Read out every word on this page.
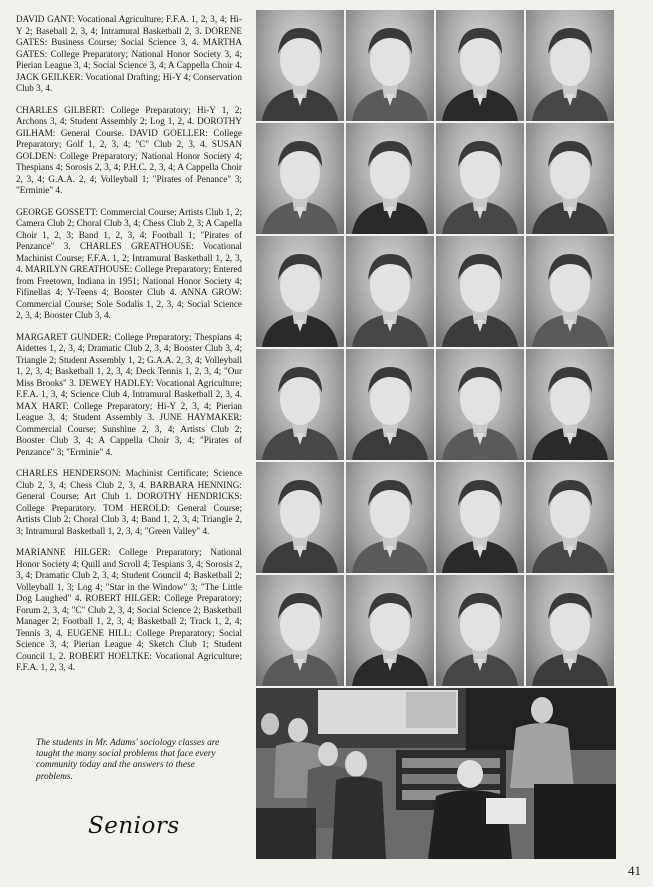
DAVID GANT: Vocational Agriculture; F.F.A. 1, 2, 3, 4; Hi-Y 2; Baseball 2, 3, 4; Intramural Basketball 2, 3. DORENE GATES: Business Course; Social Science 3, 4. MARTHA GATES: College Preparatory; National Honor Society 3, 4; Pierian League 3, 4; Social Science 3, 4; A Cappella Choir 4. JACK GEILKER: Vocational Drafting; Hi-Y 4; Conservation Club 3, 4.

CHARLES GILBERT: College Preparatory; Hi-Y 1, 2; Archons 3, 4; Student Assembly 2; Log 1, 2, 4. DOROTHY GILHAM: General Course. DAVID GOELLER: College Preparatory; Golf 1, 2, 3, 4; "C" Club 2, 3, 4. SUSAN GOLDEN: College Preparatory; National Honor Society 4; Thespians 4; Sorosis 2, 3, 4; P.H.C. 2, 3, 4; A Cappella Choir 2, 3, 4; G.A.A. 2, 4; Volleyball 1; "Pirates of Penance" 3; "Erminie" 4.

GEORGE GOSSETT: Commercial Course; Artists Club 1, 2; Camera Club 2; Choral Club 3, 4; Chess Club 2, 3; A Capella Choir 1, 2, 3; Band 1, 2, 3, 4; Football 1; "Pirates of Penzance" 3. CHARLES GREATHOUSE: Vocational Machinist Course; F.F.A. 1, 2; Intramural Basketball 1, 2, 3, 4. MARILYN GREATHOUSE: College Preparatory; Entered from Freetown, Indiana in 1951; National Honor Society 4; Fifinellas 4; Y-Teens 4; Booster Club 4. ANNA GROW: Commercial Course; Sole Sodalis 1, 2, 3, 4; Social Science 2, 3, 4; Booster Club 3, 4.

MARGARET GUNDER: College Preparatory; Thespians 4; Aidettes 1, 2, 3, 4; Dramatic Club 2, 3, 4; Booster Club 3, 4; Triangle 2; Student Assembly 1, 2; G.A.A. 2, 3, 4; Volleyball 1, 2, 3, 4; Basketball 1, 2, 3, 4; Deck Tennis 1, 2, 3, 4; "Our Miss Brooks" 3. DEWEY HADLEY: Vocational Agriculture; F.F.A. 1, 3, 4; Science Club 4, Intramural Basketball 2, 3, 4. MAX HART: College Preparatory; Hi-Y 2, 3, 4; Pierian League 3, 4; Student Assembly 3. JUNE HAYMAKER: Commercial Course; Sunshine 2, 3, 4; Artists Club 2; Booster Club 3, 4; A Cappella Choir 3, 4; "Pirates of Penzance" 3; "Erminie" 4.

CHARLES HENDERSON: Machinist Certificate; Science Club 2, 3, 4; Chess Club 2, 3, 4. BARBARA HENNING: General Course; Art Club 1. DOROTHY HENDRICKS: College Preparatory. TOM HEROLD: General Course; Artists Club 2; Choral Club 3, 4; Band 1, 2, 3, 4; Triangle 2, 3; Intramural Basketball 1, 2, 3, 4; "Green Valley" 4.

MARIANNE HILGER: College Preparatory; National Honor Society 4; Quill and Scroll 4; Tespians 3, 4; Sorosis 2, 3, 4; Dramatic Club 2, 3, 4; Student Council 4; Basketball 2; Volleyball 1, 3; Log 4; "Star in the Window" 3; "The Little Dog Laughed" 4. ROBERT HILGER: College Preparatory; Forum 2, 3, 4; "C" Club 2, 3, 4; Social Science 2; Basketball Manager 2; Football 1, 2, 3, 4; Basketball 2; Track 1, 2, 4; Tennis 3, 4. EUGENE HILL: College Preparatory; Social Science 3, 4; Pierian League 4; Sketch Club 1; Student Council 1, 2. ROBERT HOELTKE: Vocational Agriculture; F.F.A. 1, 2, 3, 4.

The students in Mr. Adams' sociology classes are taught the many social problems that face every community today and the answers to these problems.
Seniors
41
